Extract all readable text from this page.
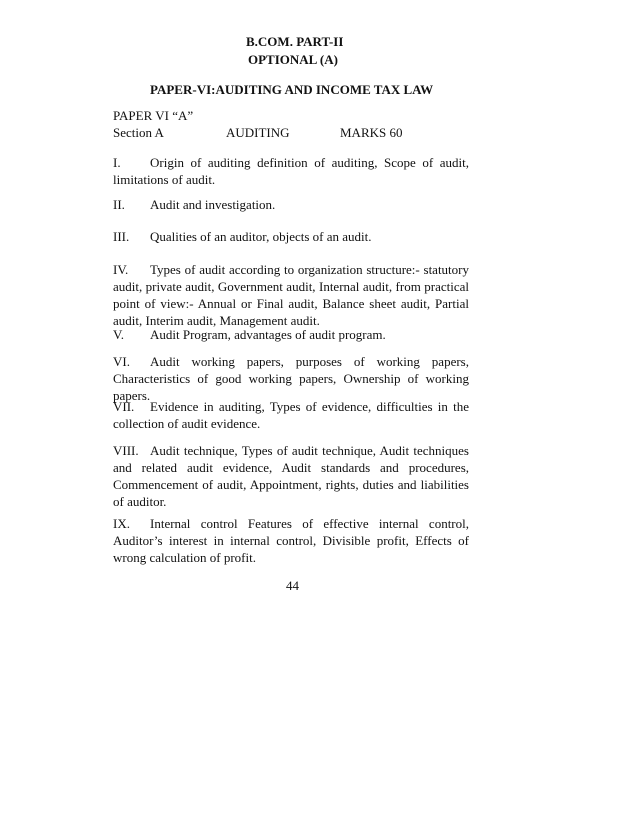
B.COM. PART-II
OPTIONAL (A)
PAPER-VI:AUDITING AND INCOME TAX LAW
PAPER VI “A”
Section A	AUDITING	MARKS 60
I. Origin of auditing definition of auditing, Scope of audit, limitations of audit.
II. Audit and investigation.
III. Qualities of an auditor, objects of an audit.
IV. Types of audit according to organization structure:- statutory audit, private audit, Government audit, Internal audit, from practical point of view:- Annual or Final audit, Balance sheet audit, Partial audit, Interim audit, Management audit.
V. Audit Program, advantages of audit program.
VI. Audit working papers, purposes of working papers, Characteristics of good working papers, Ownership of working papers.
VII. Evidence in auditing, Types of evidence, difficulties in the collection of audit evidence.
VIII. Audit technique, Types of audit technique, Audit techniques and related audit evidence, Audit standards and procedures, Commencement of audit, Appointment, rights, duties and liabilities of auditor.
IX. Internal control Features of effective internal control, Auditor’s interest in internal control, Divisible profit, Effects of wrong calculation of profit.
44
